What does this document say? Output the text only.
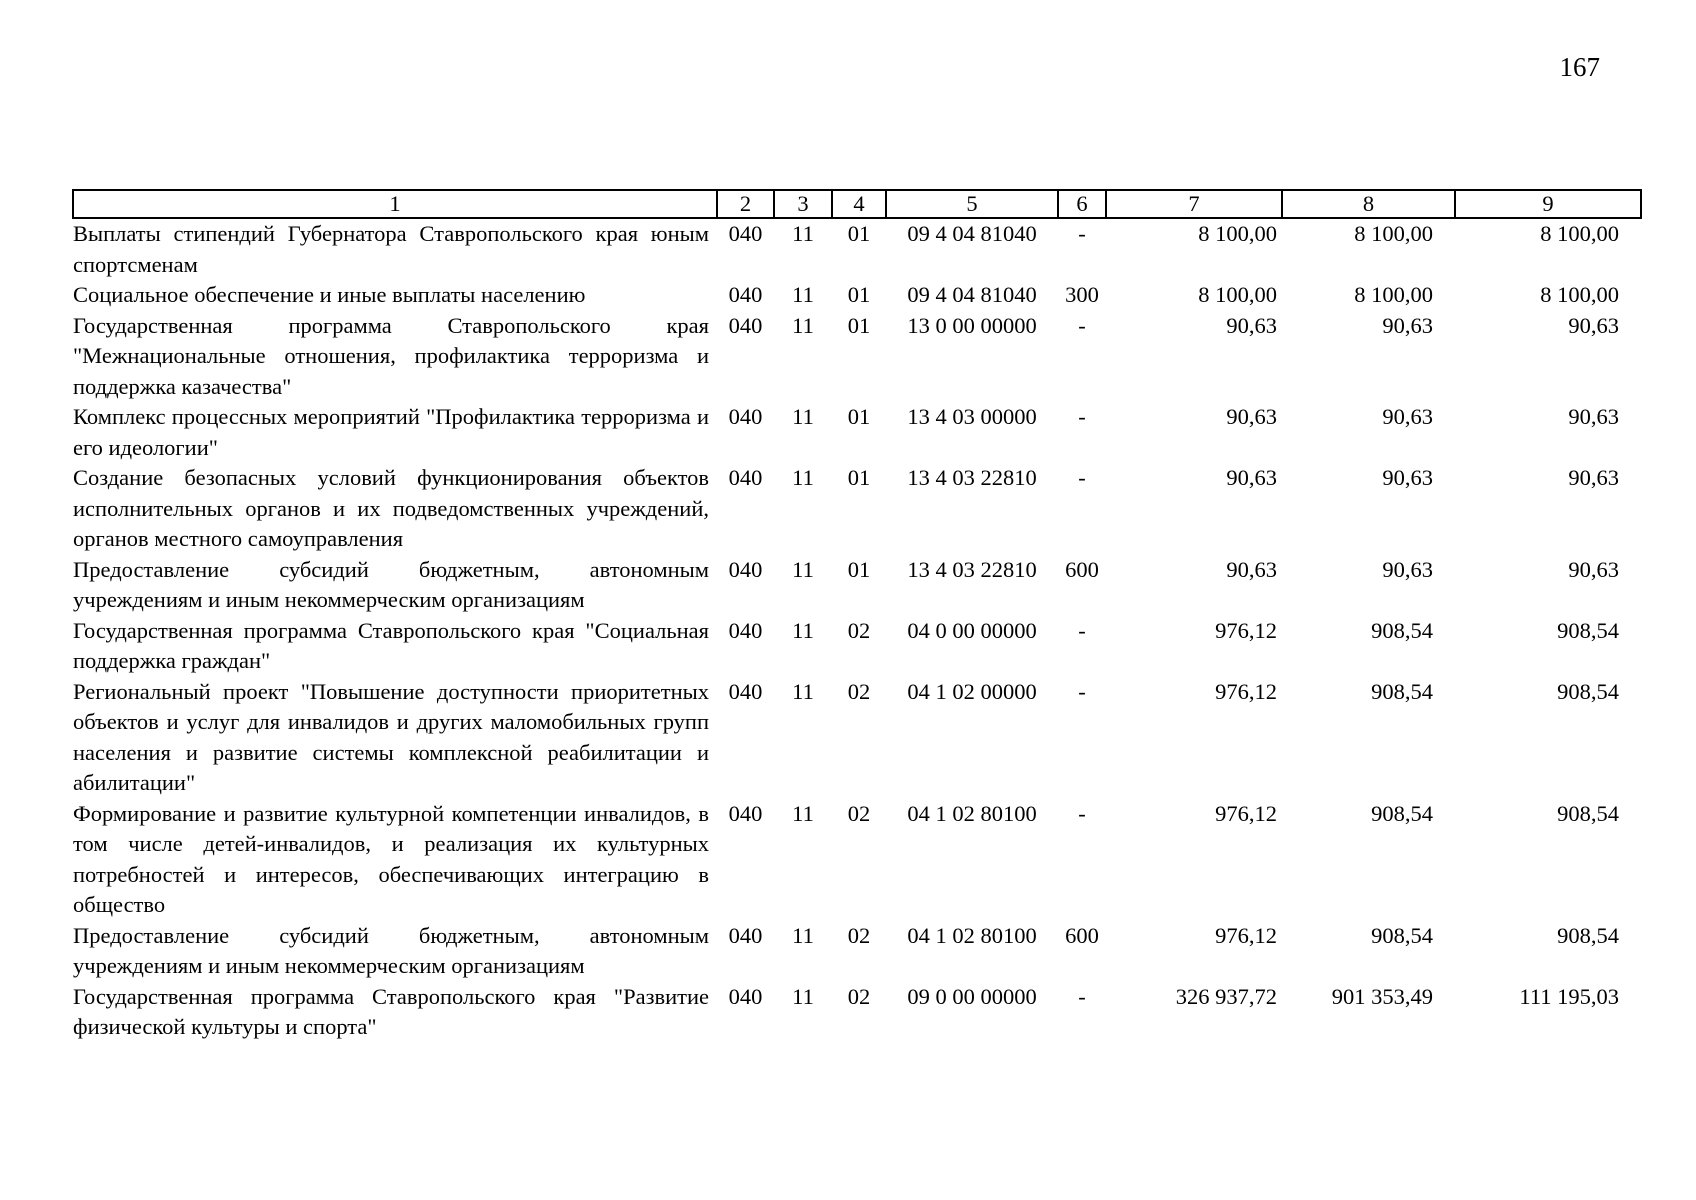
167
1	2	3	4	5	6	7	8	9
Выплаты стипендий Губернатора Ставропольского края юным спортсменам	040	11	01	09 4 04 81040	-	8 100,00	8 100,00	8 100,00
Социальное обеспечение и иные выплаты населению	040	11	01	09 4 04 81040	300	8 100,00	8 100,00	8 100,00
Государственная программа Ставропольского края "Межнациональные отношения, профилактика терроризма и поддержка казачества"	040	11	01	13 0 00 00000	-	90,63	90,63	90,63
Комплекс процессных мероприятий "Профилактика терроризма и его идеологии"	040	11	01	13 4 03 00000	-	90,63	90,63	90,63
Создание безопасных условий функционирования объектов исполнительных органов и их подведомственных учреждений, органов местного самоуправления	040	11	01	13 4 03 22810	-	90,63	90,63	90,63
Предоставление субсидий бюджетным, автономным учреждениям и иным некоммерческим организациям	040	11	01	13 4 03 22810	600	90,63	90,63	90,63
Государственная программа Ставропольского края "Социальная поддержка граждан"	040	11	02	04 0 00 00000	-	976,12	908,54	908,54
Региональный проект "Повышение доступности приоритетных объектов и услуг для инвалидов и других маломобильных групп населения и развитие системы комплексной реабилитации и абилитации"	040	11	02	04 1 02 00000	-	976,12	908,54	908,54
Формирование и развитие культурной компетенции инвалидов, в том числе детей-инвалидов, и реализация их культурных потребностей и интересов, обеспечивающих интеграцию в общество	040	11	02	04 1 02 80100	-	976,12	908,54	908,54
Предоставление субсидий бюджетным, автономным учреждениям и иным некоммерческим организациям	040	11	02	04 1 02 80100	600	976,12	908,54	908,54
Государственная программа Ставропольского края "Развитие физической культуры и спорта"	040	11	02	09 0 00 00000	-	326 937,72	901 353,49	111 195,03
